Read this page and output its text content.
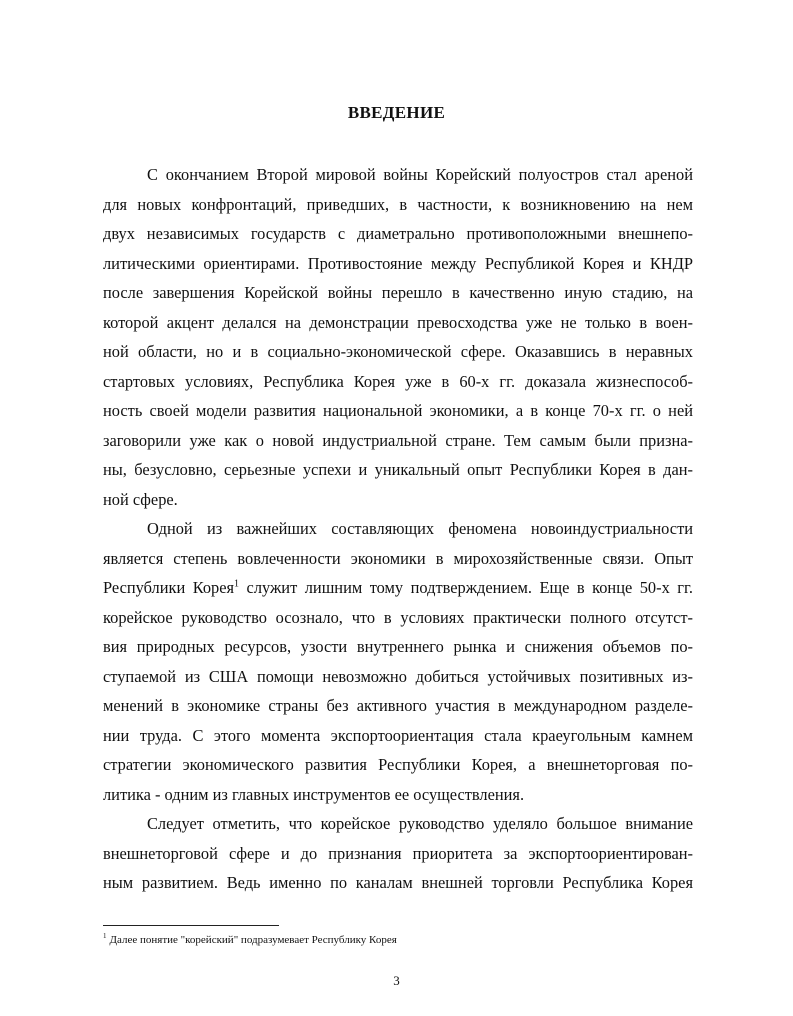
ВВЕДЕНИЕ
С окончанием Второй мировой войны Корейский полуостров стал ареной
для новых конфронтаций, приведших, в частности, к возникновению на нем
двух независимых государств с диаметрально противоположными внешнепо-
литическими ориентирами. Противостояние между Республикой Корея и КНДР
после завершения Корейской войны перешло в качественно иную стадию, на
которой акцент делался на демонстрации превосходства уже не только в воен-
ной области, но и в социально-экономической сфере. Оказавшись в неравных
стартовых условиях, Республика Корея уже в 60-х гг. доказала жизнеспособ-
ность своей модели развития национальной экономики, а в конце 70-х гг. о ней
заговорили уже как о новой индустриальной стране. Тем самым были призна-
ны, безусловно, серьезные успехи и уникальный опыт Республики Корея в дан-
ной сфере.
Одной из важнейших составляющих феномена новоиндустриальности
является степень вовлеченности экономики в мирохозяйственные связи. Опыт
Республики Корея$^1$ служит лишним тому подтверждением. Еще в конце 50-х гг.
корейское руководство осознало, что в условиях практически полного отсутст-
вия природных ресурсов, узости внутреннего рынка и снижения объемов по-
ступаемой из США помощи невозможно добиться устойчивых позитивных из-
менений в экономике страны без активного участия в международном разделе-
нии труда. С этого момента экспортоориентация стала краеугольным камнем
стратегии экономического развития Республики Корея, а внешнеторговая по-
литика - одним из главных инструментов ее осуществления.
Следует отметить, что корейское руководство уделяло большое внимание
внешнеторговой сфере и до признания приоритета за экспортоориентирован-
ным развитием. Ведь именно по каналам внешней торговли Республика Корея
$^1$ Далее понятие "корейский" подразумевает Республику Корея
3
